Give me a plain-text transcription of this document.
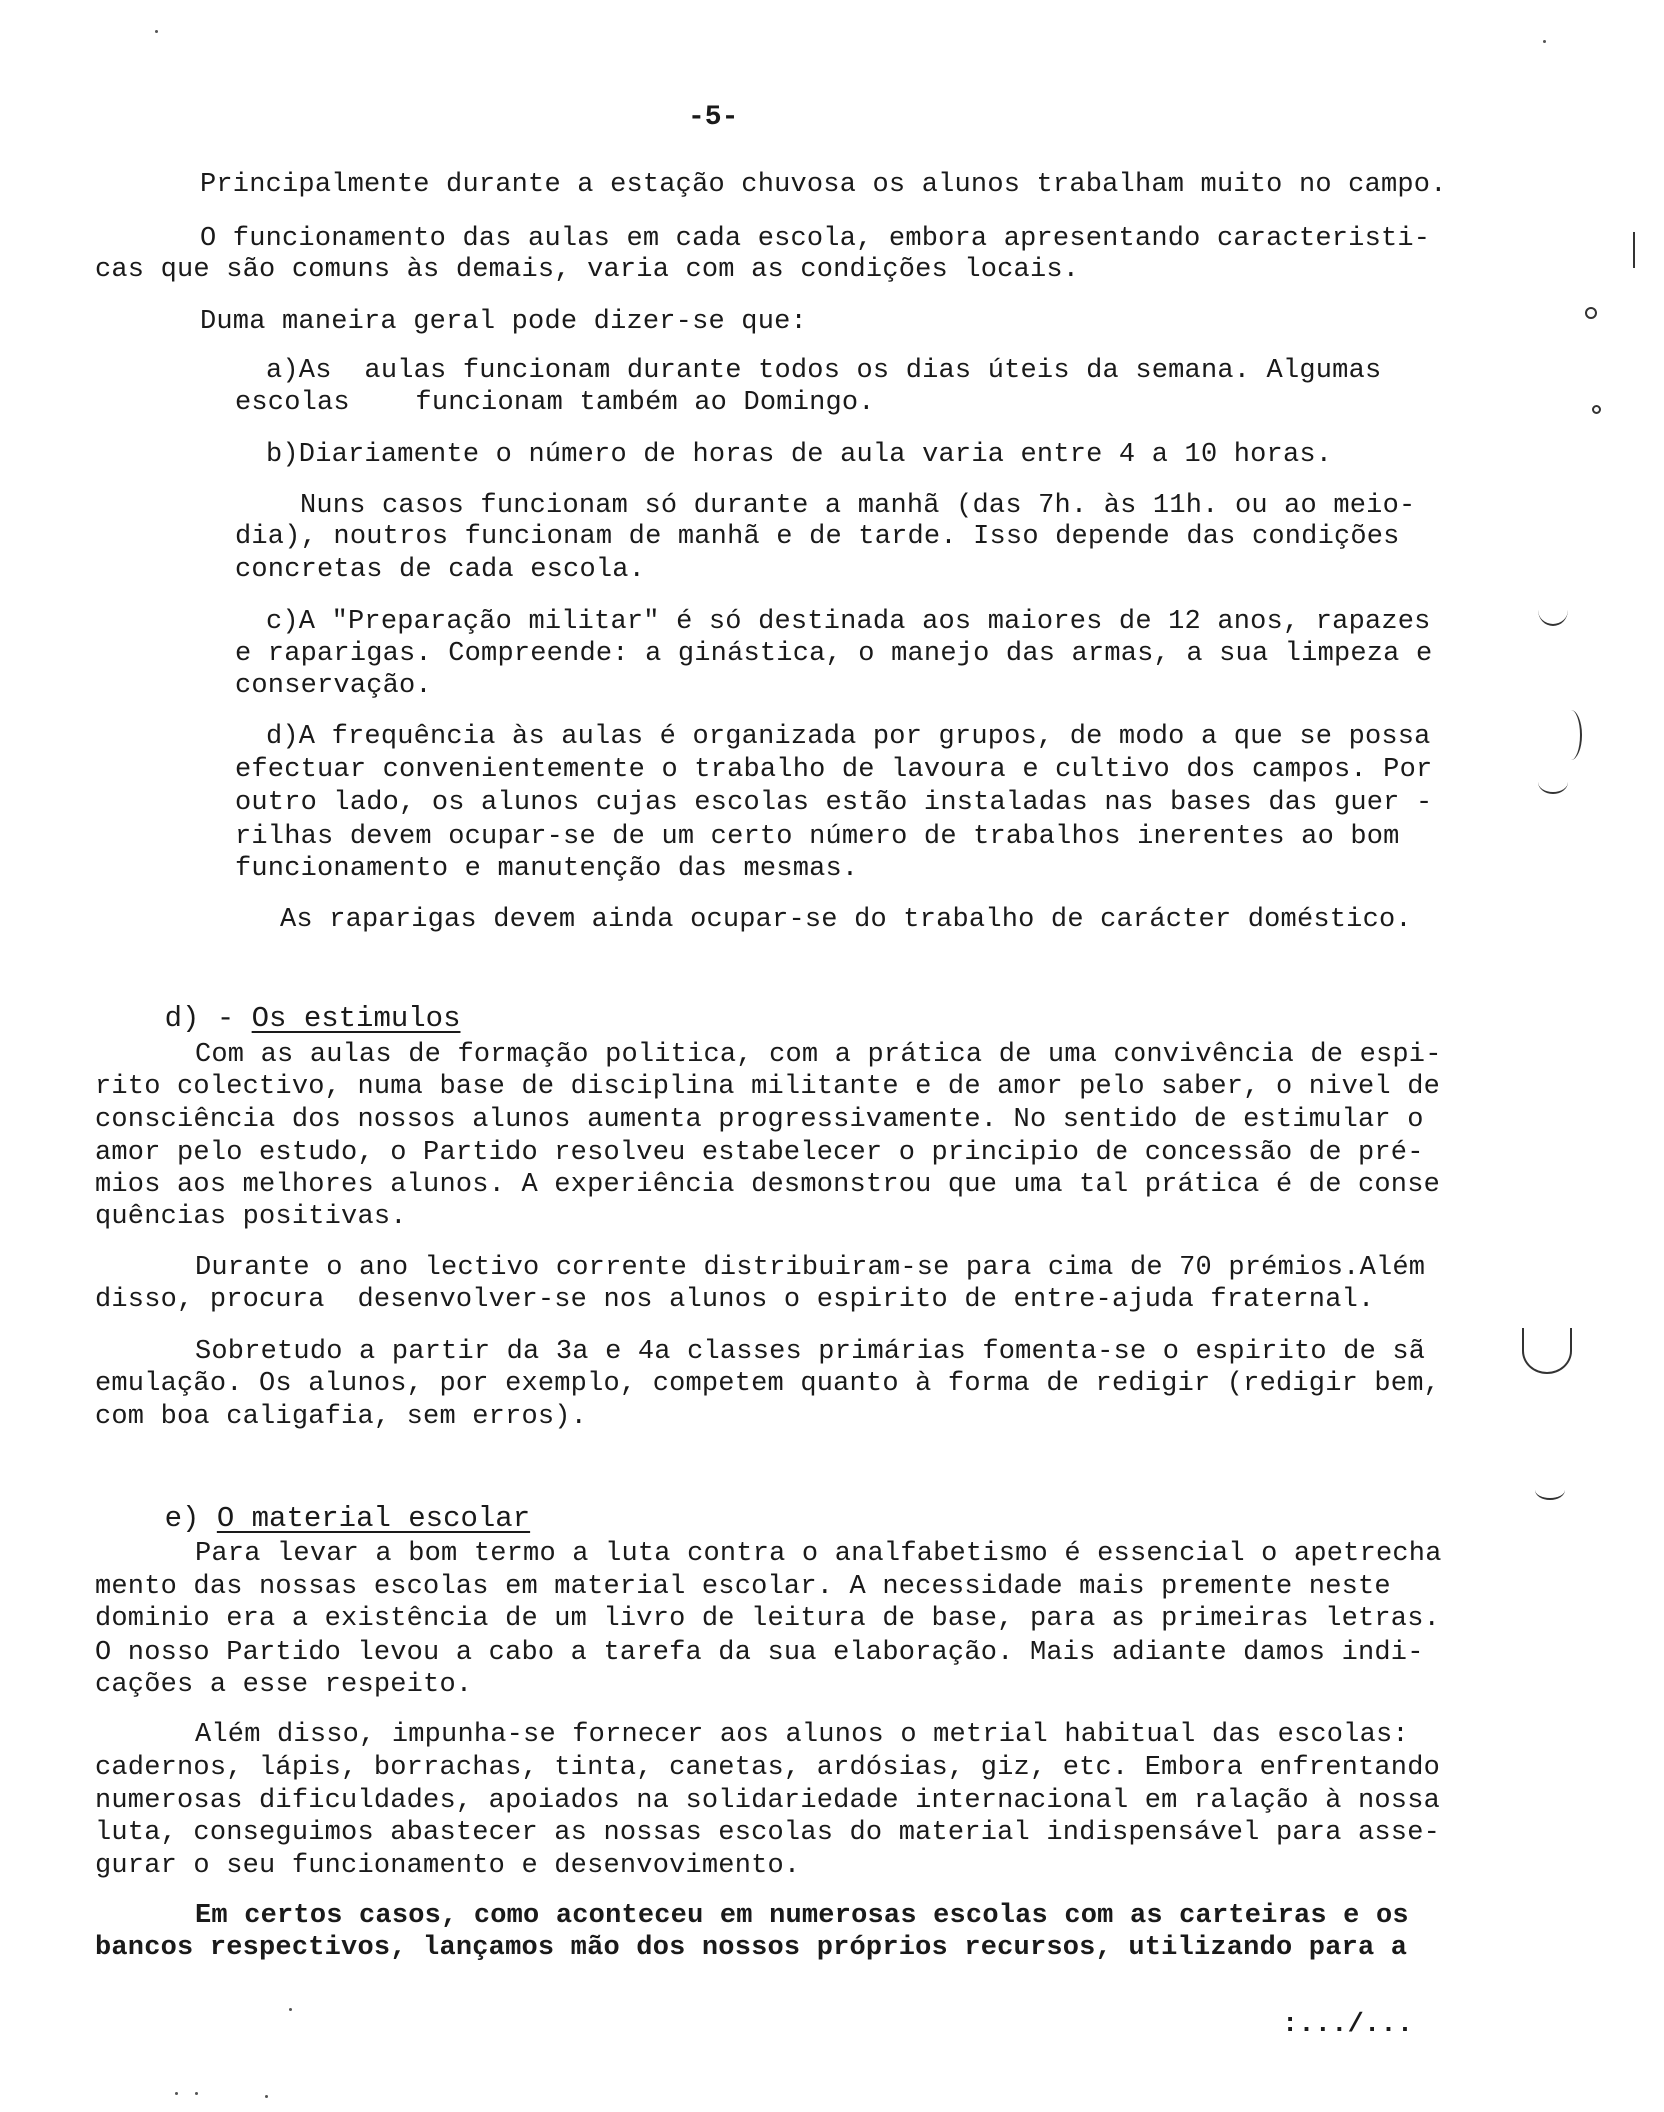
-5-
Principalmente durante a estação chuvosa os alunos trabalham muito no campo.
O funcionamento das aulas em cada escola, embora apresentando caracteristi-
cas que são comuns às demais, varia com as condições locais.
Duma maneira geral pode dizer-se que:
a)As  aulas funcionam durante todos os dias úteis da semana. Algumas
escolas    funcionam também ao Domingo.
b)Diariamente o número de horas de aula varia entre 4 a 10 horas.
Nuns casos funcionam só durante a manhã (das 7h. às 11h. ou ao meio-
dia), noutros funcionam de manhã e de tarde. Isso depende das condições
concretas de cada escola.
c)A "Preparação militar" é só destinada aos maiores de 12 anos, rapazes
e raparigas. Compreende: a ginástica, o manejo das armas, a sua limpeza e
conservação.
d)A frequência às aulas é organizada por grupos, de modo a que se possa
efectuar convenientemente o trabalho de lavoura e cultivo dos campos. Por
outro lado, os alunos cujas escolas estão instaladas nas bases das guer -
rilhas devem ocupar-se de um certo número de trabalhos inerentes ao bom
funcionamento e manutenção das mesmas.
As raparigas devem ainda ocupar-se do trabalho de carácter doméstico.

d) - Os estimulos

Com as aulas de formação politica, com a prática de uma convivência de espi-
rito colectivo, numa base de disciplina militante e de amor pelo saber, o nivel de
consciência dos nossos alunos aumenta progressivamente. No sentido de estimular o
amor pelo estudo, o Partido resolveu estabelecer o principio de concessão de pré-
mios aos melhores alunos. A experiência desmonstrou que uma tal prática é de conse
quências positivas.
Durante o ano lectivo corrente distribuiram-se para cima de 70 prémios.Além
disso, procura  desenvolver-se nos alunos o espirito de entre-ajuda fraternal.
Sobretudo a partir da 3a e 4a classes primárias fomenta-se o espirito de sã
emulação. Os alunos, por exemplo, competem quanto à forma de redigir (redigir bem,
com boa caligafia, sem erros).

e) O material escolar

Para levar a bom termo a luta contra o analfabetismo é essencial o apetrecha
mento das nossas escolas em material escolar. A necessidade mais premente neste
dominio era a existência de um livro de leitura de base, para as primeiras letras.
O nosso Partido levou a cabo a tarefa da sua elaboração. Mais adiante damos indi-
cações a esse respeito.
Além disso, impunha-se fornecer aos alunos o metrial habitual das escolas:
cadernos, lápis, borrachas, tinta, canetas, ardósias, giz, etc. Embora enfrentando
numerosas dificuldades, apoiados na solidariedade internacional em ralação à nossa
luta, conseguimos abastecer as nossas escolas do material indispensável para asse-
gurar o seu funcionamento e desenvovimento.
Em certos casos, como aconteceu em numerosas escolas com as carteiras e os
bancos respectivos, lançamos mão dos nossos próprios recursos, utilizando para a
:.../...
